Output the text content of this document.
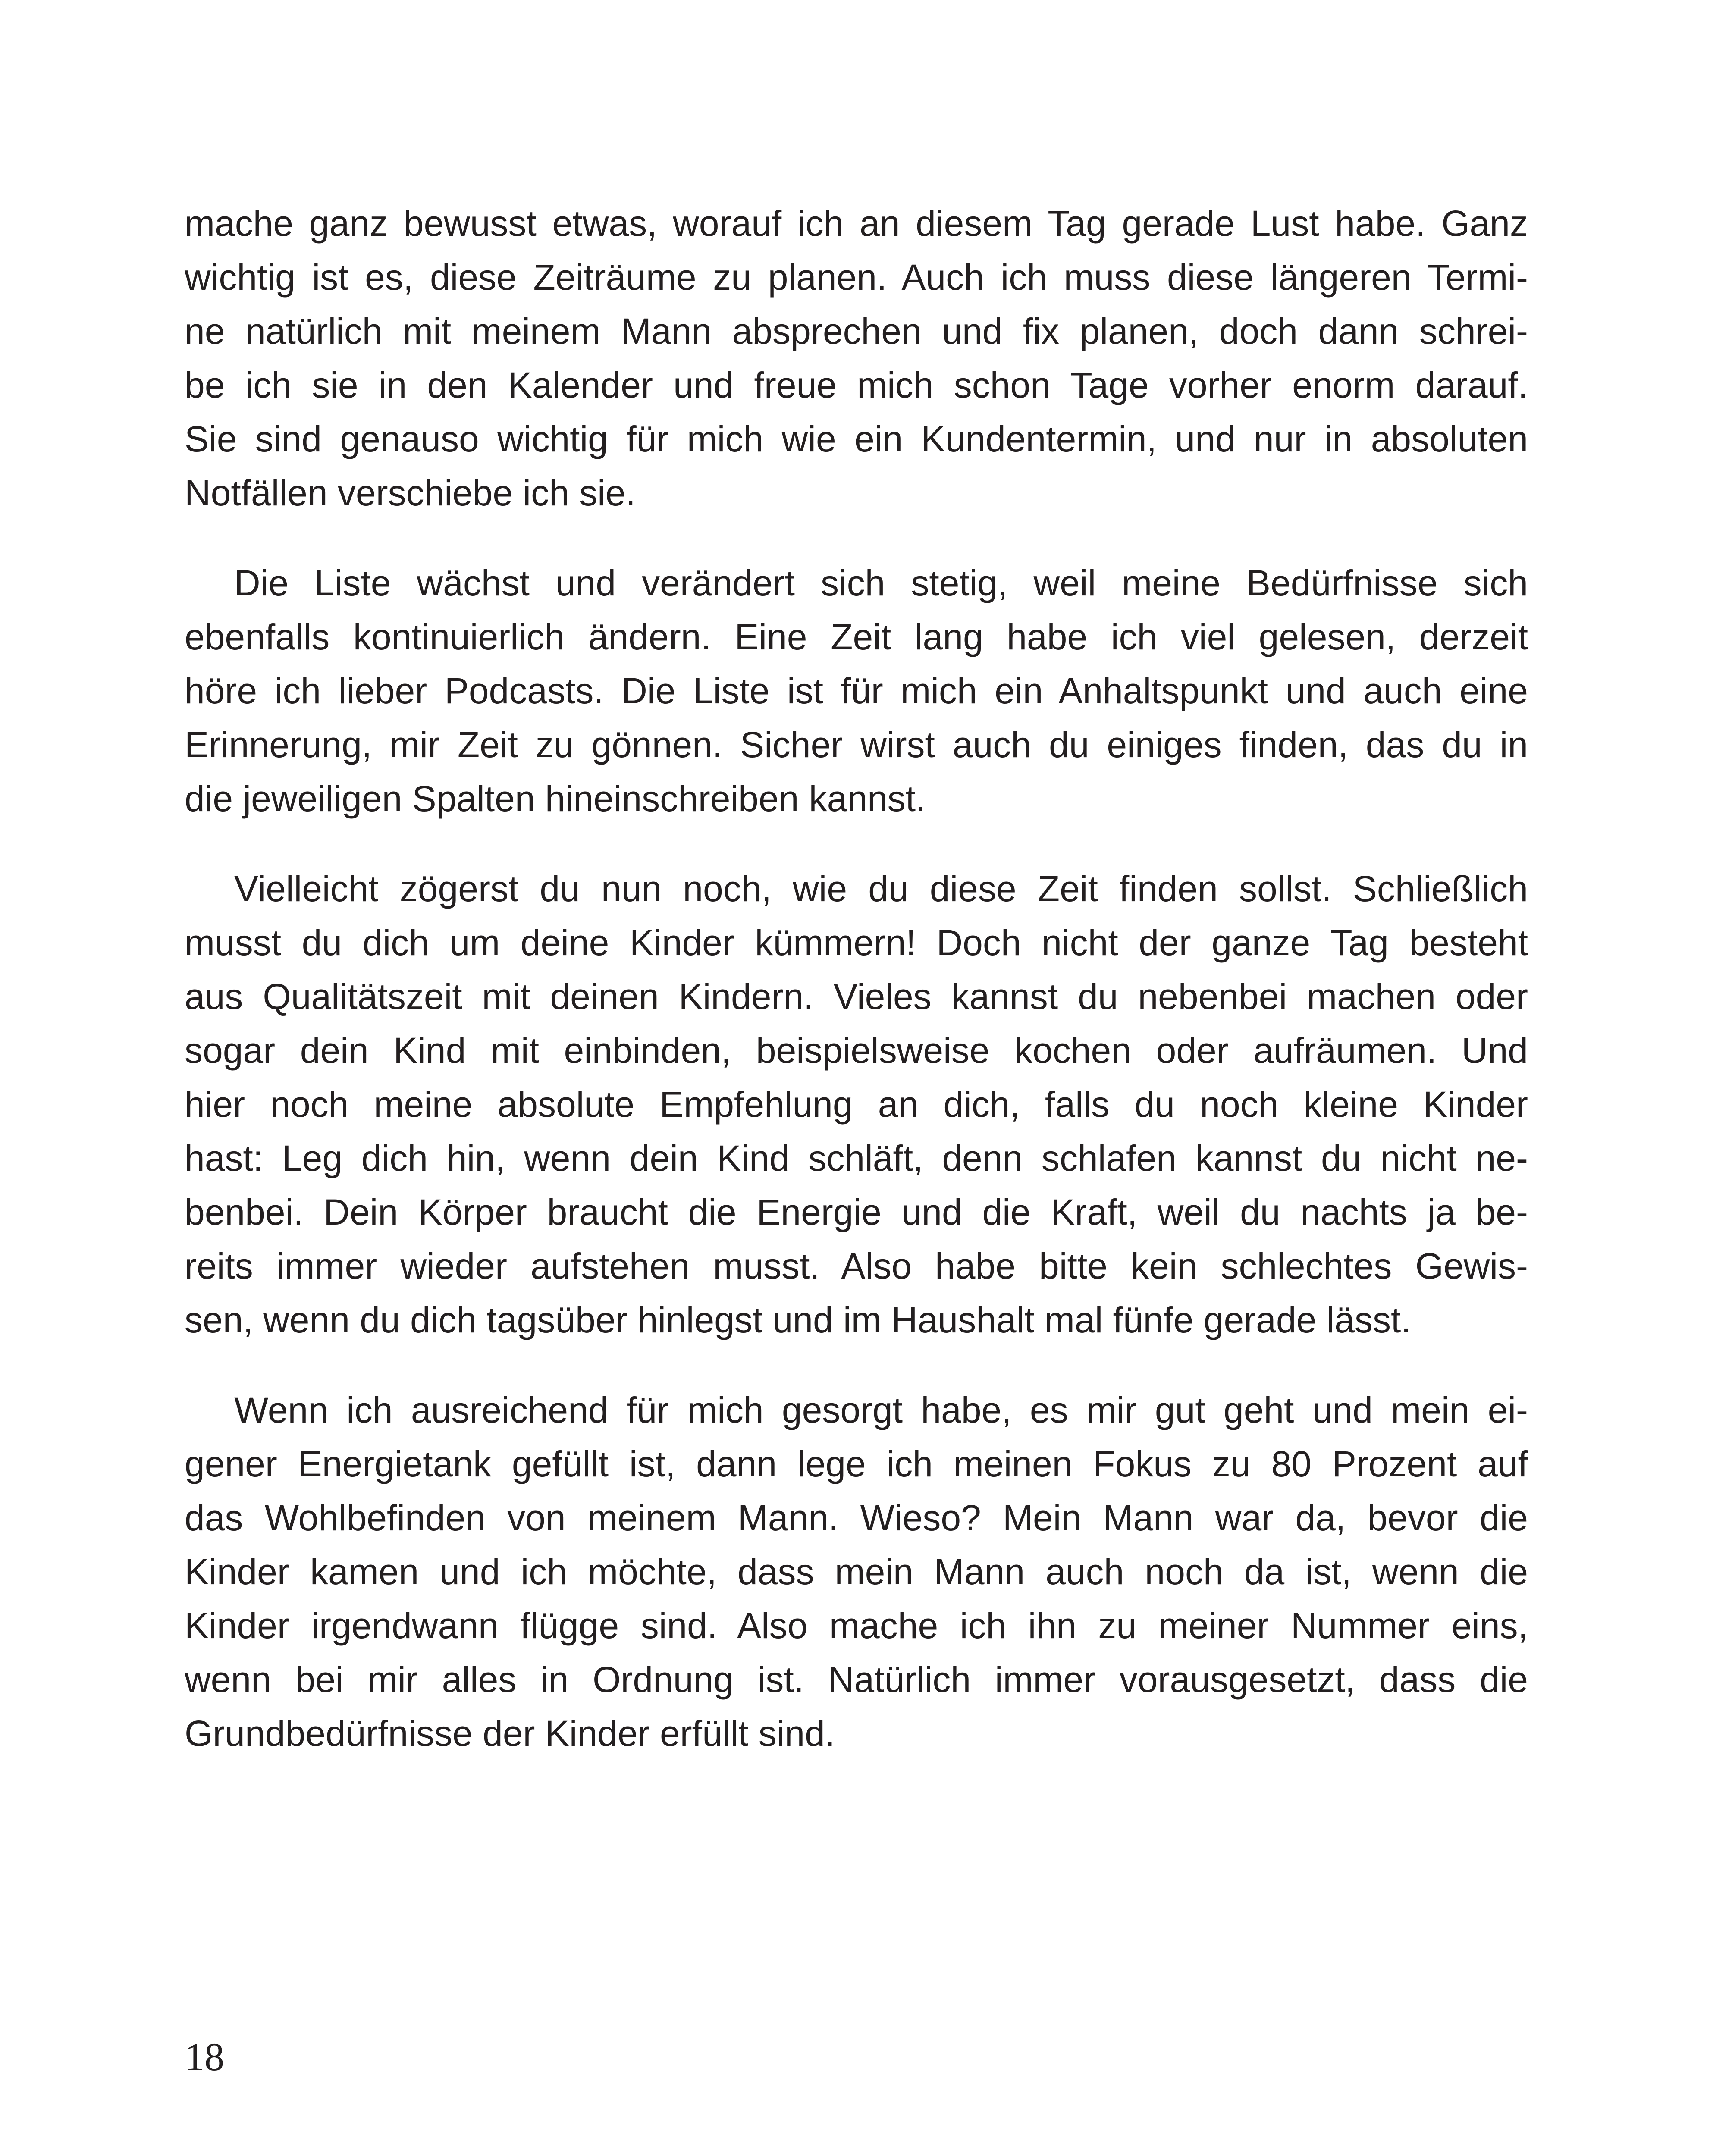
mache ganz bewusst etwas, worauf ich an diesem Tag gerade Lust habe. Ganz
wichtig ist es, diese Zeiträume zu planen. Auch ich muss diese längeren Termi-
ne natürlich mit meinem Mann absprechen und fix planen, doch dann schrei-
be ich sie in den Kalender und freue mich schon Tage vorher enorm darauf.
Sie sind genauso wichtig für mich wie ein Kundentermin, und nur in absoluten
Notfällen verschiebe ich sie.

Die Liste wächst und verändert sich stetig, weil meine Bedürfnisse sich
ebenfalls kontinuierlich ändern. Eine Zeit lang habe ich viel gelesen, derzeit
höre ich lieber Podcasts. Die Liste ist für mich ein Anhaltspunkt und auch eine
Erinnerung, mir Zeit zu gönnen. Sicher wirst auch du einiges finden, das du in
die jeweiligen Spalten hineinschreiben kannst.

Vielleicht zögerst du nun noch, wie du diese Zeit finden sollst. Schließlich
musst du dich um deine Kinder kümmern! Doch nicht der ganze Tag besteht
aus Qualitätszeit mit deinen Kindern. Vieles kannst du nebenbei machen oder
sogar dein Kind mit einbinden, beispielsweise kochen oder aufräumen. Und
hier noch meine absolute Empfehlung an dich, falls du noch kleine Kinder
hast: Leg dich hin, wenn dein Kind schläft, denn schlafen kannst du nicht ne-
benbei. Dein Körper braucht die Energie und die Kraft, weil du nachts ja be-
reits immer wieder aufstehen musst. Also habe bitte kein schlechtes Gewis-
sen, wenn du dich tagsüber hinlegst und im Haushalt mal fünfe gerade lässt.

Wenn ich ausreichend für mich gesorgt habe, es mir gut geht und mein ei-
gener Energietank gefüllt ist, dann lege ich meinen Fokus zu 80 Prozent auf
das Wohlbefinden von meinem Mann. Wieso? Mein Mann war da, bevor die
Kinder kamen und ich möchte, dass mein Mann auch noch da ist, wenn die
Kinder irgendwann flügge sind. Also mache ich ihn zu meiner Nummer eins,
wenn bei mir alles in Ordnung ist. Natürlich immer vorausgesetzt, dass die
Grundbedürfnisse der Kinder erfüllt sind.

18
